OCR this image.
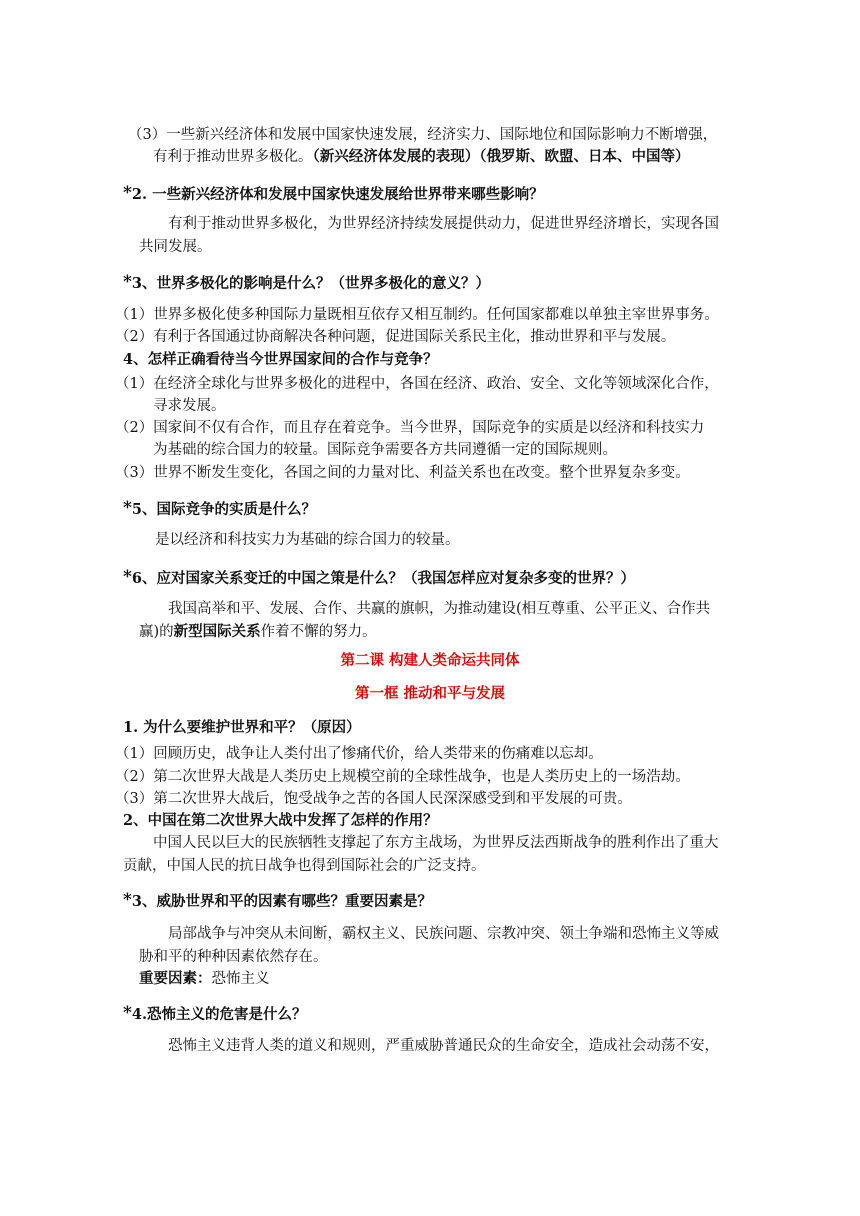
（3）一些新兴经济体和发展中国家快速发展，经济实力、国际地位和国际影响力不断增强，
有利于推动世界多极化。（新兴经济体发展的表现）（俄罗斯、欧盟、日本、中国等）
*2. 一些新兴经济体和发展中国家快速发展给世界带来哪些影响？
有利于推动世界多极化，为世界经济持续发展提供动力，促进世界经济增长，实现各国
共同发展。
*3、世界多极化的影响是什么？（世界多极化的意义？）
（1）世界多极化使多种国际力量既相互依存又相互制约。任何国家都难以单独主宰世界事务。
（2）有利于各国通过协商解决各种问题，促进国际关系民主化，推动世界和平与发展。
4、怎样正确看待当今世界国家间的合作与竞争？
（1）在经济全球化与世界多极化的进程中，各国在经济、政治、安全、文化等领域深化合作，
寻求发展。
（2）国家间不仅有合作，而且存在着竞争。当今世界，国际竞争的实质是以经济和科技实力
为基础的综合国力的较量。国际竞争需要各方共同遵循一定的国际规则。
（3）世界不断发生变化，各国之间的力量对比、利益关系也在改变。整个世界复杂多变。
*5、国际竞争的实质是什么？
是以经济和科技实力为基础的综合国力的较量。
*6、应对国家关系变迁的中国之策是什么？（我国怎样应对复杂多变的世界？）
我国高举和平、发展、合作、共赢的旗帜，为推动建设(相互尊重、公平正义、合作共
赢)的新型国际关系作着不懈的努力。
第二课 构建人类命运共同体
第一框 推动和平与发展
1. 为什么要维护世界和平？（原因）
（1）回顾历史，战争让人类付出了惨痛代价，给人类带来的伤痛难以忘却。
（2）第二次世界大战是人类历史上规模空前的全球性战争，也是人类历史上的一场浩劫。
（3）第二次世界大战后，饱受战争之苦的各国人民深深感受到和平发展的可贵。
2、中国在第二次世界大战中发挥了怎样的作用？
中国人民以巨大的民族牺牲支撑起了东方主战场，为世界反法西斯战争的胜利作出了重大
贡献，中国人民的抗日战争也得到国际社会的广泛支持。
*3、威胁世界和平的因素有哪些？重要因素是？
局部战争与冲突从未间断，霸权主义、民族问题、宗教冲突、领土争端和恐怖主义等威
胁和平的种种因素依然存在。
重要因素：恐怖主义
*4.恐怖主义的危害是什么？
恐怖主义违背人类的道义和规则，严重威胁普通民众的生命安全，造成社会动荡不安，
